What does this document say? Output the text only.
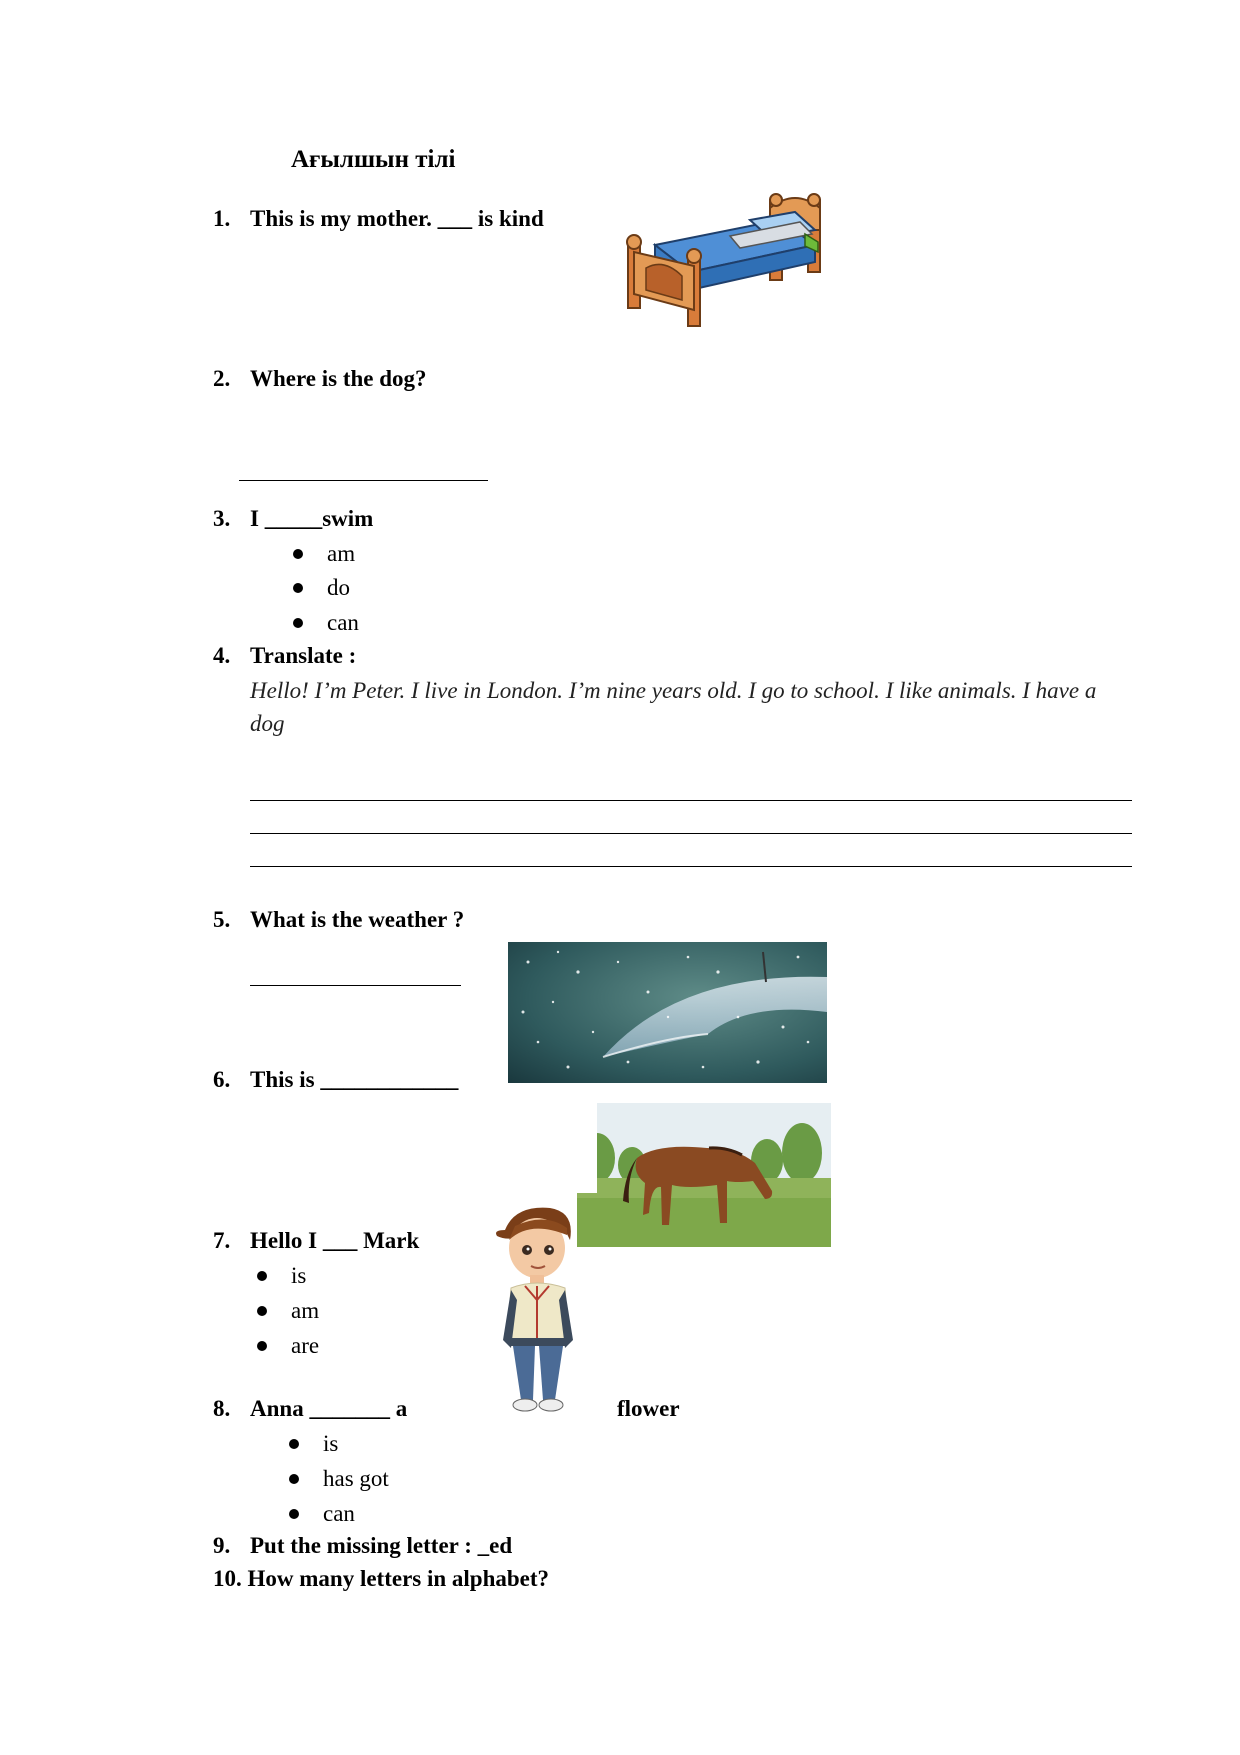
Ағылшын тілі
1. This is my mother. ___ is kind
2. Where is the dog?
3. I _____swim
am
do
can
4. Translate :
Hello! I’m Peter. I live in London. I’m nine years old. I go to school. I like animals. I have a dog
5. What is the weather ?
6. This is ____________
7. Hello I ___ Mark
is
am
are
8. Anna _______ a	flower
is
has got
can
9. Put the missing letter : _ed
10. How many letters in alphabet?
